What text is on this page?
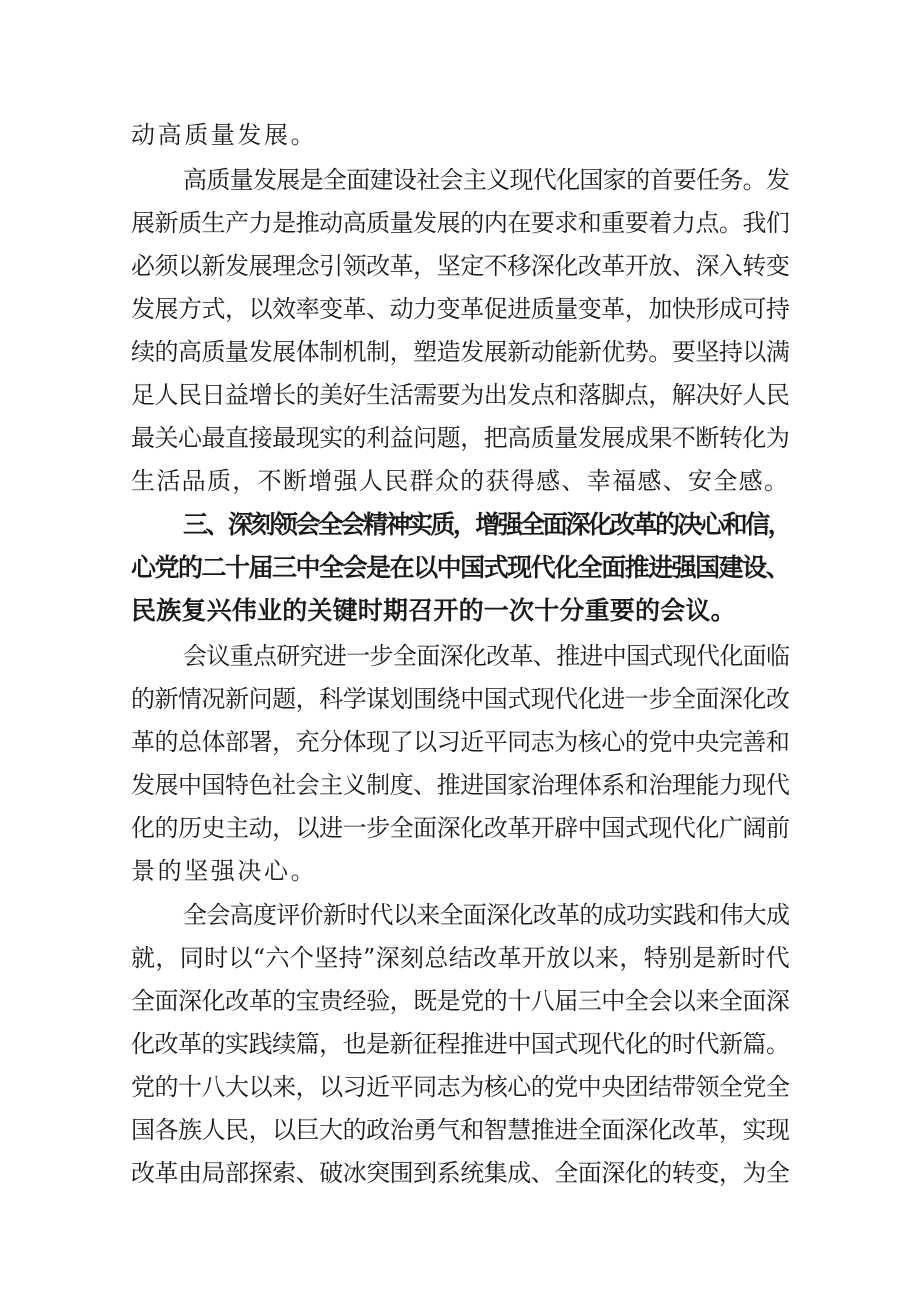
动高质量发展。
高质量发展是全面建设社会主义现代化国家的首要任务。发
展新质生产力是推动高质量发展的内在要求和重要着力点。我们
必须以新发展理念引领改革，坚定不移深化改革开放、深入转变
发展方式，以效率变革、动力变革促进质量变革，加快形成可持
续的高质量发展体制机制，塑造发展新动能新优势。要坚持以满
足人民日益增长的美好生活需要为出发点和落脚点，解决好人民
最关心最直接最现实的利益问题，把高质量发展成果不断转化为
生活品质，不断增强人民群众的获得感、幸福感、安全感。
三、深刻领会全会精神实质，增强全面深化改革的决心和信，
心党的二十届三中全会是在以中国式现代化全面推进强国建设、
民族复兴伟业的关键时期召开的一次十分重要的会议。
会议重点研究进一步全面深化改革、推进中国式现代化面临
的新情况新问题，科学谋划围绕中国式现代化进一步全面深化改
革的总体部署，充分体现了以习近平同志为核心的党中央完善和
发展中国特色社会主义制度、推进国家治理体系和治理能力现代
化的历史主动，以进一步全面深化改革开辟中国式现代化广阔前
景的坚强决心。
全会高度评价新时代以来全面深化改革的成功实践和伟大成
就，同时以“六个坚持”深刻总结改革开放以来，特别是新时代
全面深化改革的宝贵经验，既是党的十八届三中全会以来全面深
化改革的实践续篇，也是新征程推进中国式现代化的时代新篇。
党的十八大以来，以习近平同志为核心的党中央团结带领全党全
国各族人民，以巨大的政治勇气和智慧推进全面深化改革，实现
改革由局部探索、破冰突围到系统集成、全面深化的转变，为全
